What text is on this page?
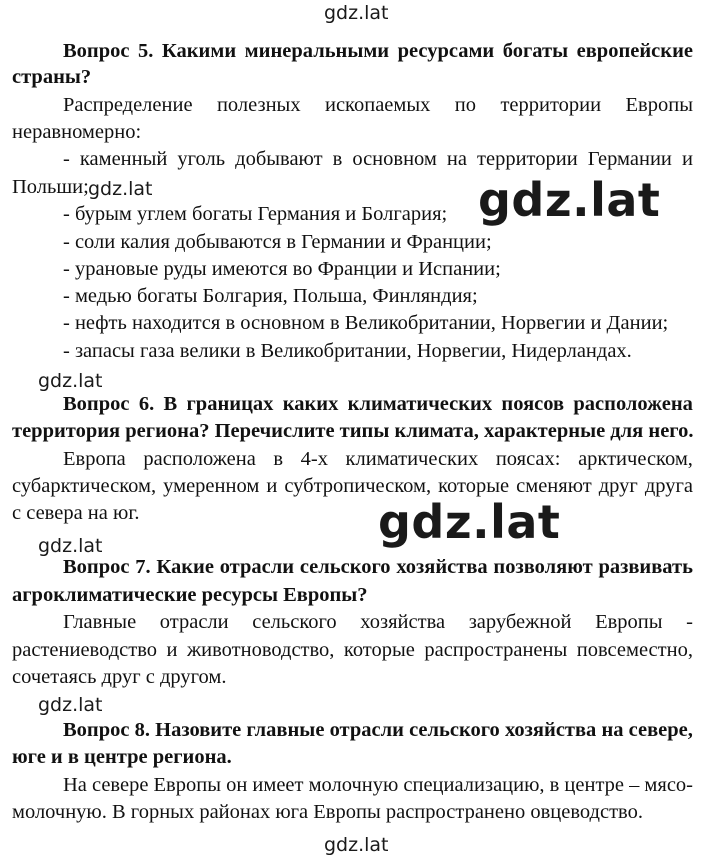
gdz.lat
gdz.lat	gdz.lat
gdz.lat
gdz.lat
gdz.lat
gdz.lat
gdz.lat
Вопрос 5. Какими минеральными ресурсами богаты европейские
страны?
Распределение полезных ископаемых по территории Европы
неравномерно:
- каменный уголь добывают в основном на территории Германии и
Польши;
- бурым углем богаты Германия и Болгария;
- соли калия добываются в Германии и Франции;
- урановые руды имеются во Франции и Испании;
- медью богаты Болгария, Польша, Финляндия;
- нефть находится в основном в Великобритании, Норвегии и Дании;
- запасы газа велики в Великобритании, Норвегии, Нидерландах.
Вопрос 6. В границах каких климатических поясов расположена
территория региона? Перечислите типы климата, характерные для него.
Европа расположена в 4-х климатических поясах: арктическом,
субарктическом, умеренном и субтропическом, которые сменяют друг друга
с севера на юг.
Вопрос 7. Какие отрасли сельского хозяйства позволяют развивать
агроклиматические ресурсы Европы?
Главные отрасли сельского хозяйства зарубежной Европы -
растениеводство и животноводство, которые распространены повсеместно,
сочетаясь друг с другом.
Вопрос 8. Назовите главные отрасли сельского хозяйства на севере,
юге и в центре региона.
На севере Европы он имеет молочную специализацию, в центре – мясо-
молочную. В горных районах юга Европы распространено овцеводство.
